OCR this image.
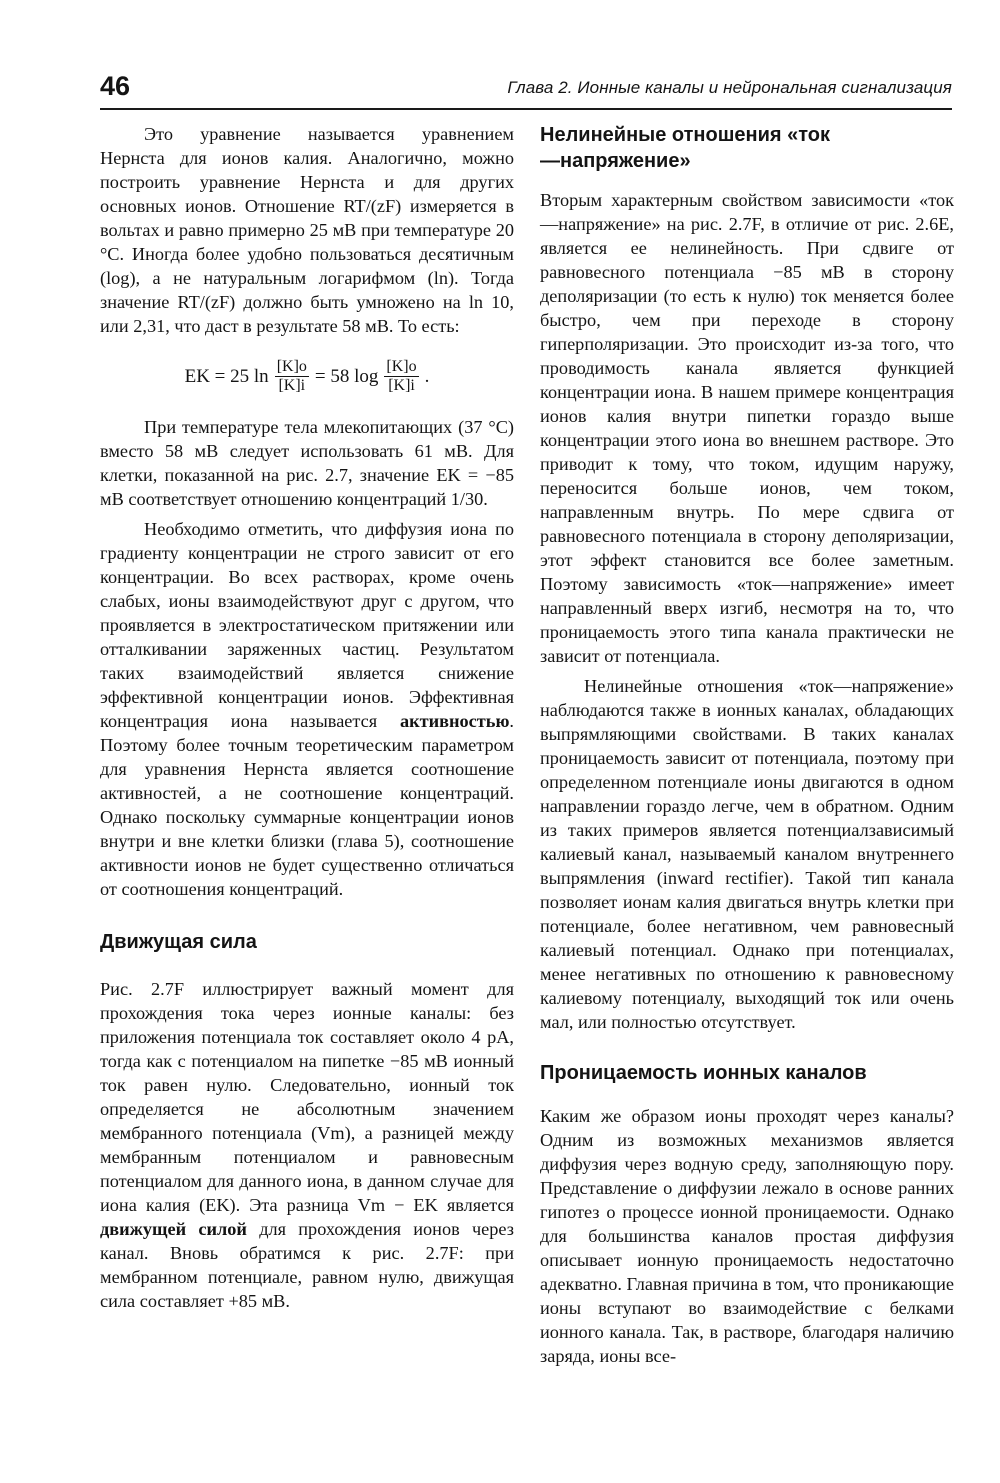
46	Глава 2. Ионные каналы и нейрональная сигнализация

Это уравнение называется уравнением Нернста для ионов калия. Аналогично, можно построить уравнение Нернста и для других основных ионов. Отношение RT/(zF) измеряется в вольтах и равно примерно 25 мВ при температуре 20 °C. Иногда более удобно пользоваться десятичным (log), а не натуральным логарифмом (ln). Тогда значение RT/(zF) должно быть умножено на ln 10, или 2,31, что даст в результате 58 мВ. То есть:

EK = 25 $\ln \frac{[K]o}{[K]i} = 58$ $\log \frac{[K]o}{[K]i}$ .

При температуре тела млекопитающих (37 °C) вместо 58 мВ следует использовать 61 мВ. Для клетки, показанной на рис. 2.7, значение EK = −85 мВ соответствует отношению концентраций 1/30.

Необходимо отметить, что диффузия иона по градиенту концентрации не строго зависит от его концентрации. Во всех растворах, кроме очень слабых, ионы взаимодействуют друг с другом, что проявляется в электростатическом притяжении или отталкивании заряженных частиц. Результатом таких взаимодействий является снижение эффективной концентрации ионов. Эффективная концентрация иона называется активностью. Поэтому более точным теоретическим параметром для уравнения Нернста является соотношение активностей, а не соотношение концентраций. Однако поскольку суммарные концентрации ионов внутри и вне клетки близки (глава 5), соотношение активности ионов не будет существенно отличаться от соотношения концентраций.

Движущая сила

Рис. 2.7F иллюстрирует важный момент для прохождения тока через ионные каналы: без приложения потенциала ток составляет около 4 pA, тогда как с потенциалом на пипетке −85 мВ ионный ток равен нулю. Следовательно, ионный ток определяется не абсолютным значением мембранного потенциала (Vm), а разницей между мембранным потенциалом и равновесным потенциалом для данного иона, в данном случае для иона калия (EK). Эта разница Vm − EK является движущей силой для прохождения ионов через канал. Вновь обратимся к рис. 2.7F: при мембранном потенциале, равном нулю, движущая сила составляет +85 мВ.

Нелинейные отношения «ток—напряжение»

Вторым характерным свойством зависимости «ток—напряжение» на рис. 2.7F, в отличие от рис. 2.6E, является ее нелинейность. При сдвиге от равновесного потенциала −85 мВ в сторону деполяризации (то есть к нулю) ток меняется более быстро, чем при переходе в сторону гиперполяризации. Это происходит из-за того, что проводимость канала является функцией концентрации иона. В нашем примере концентрация ионов калия внутри пипетки гораздо выше концентрации этого иона во внешнем растворе. Это приводит к тому, что током, идущим наружу, переносится больше ионов, чем током, направленным внутрь. По мере сдвига от равновесного потенциала в сторону деполяризации, этот эффект становится все более заметным. Поэтому зависимость «ток—напряжение» имеет направленный вверх изгиб, несмотря на то, что проницаемость этого типа канала практически не зависит от потенциала.

Нелинейные отношения «ток—напряжение» наблюдаются также в ионных каналах, обладающих выпрямляющими свойствами. В таких каналах проницаемость зависит от потенциала, поэтому при определенном потенциале ионы двигаются в одном направлении гораздо легче, чем в обратном. Одним из таких примеров является потенциалзависимый калиевый канал, называемый каналом внутреннего выпрямления (inward rectifier). Такой тип канала позволяет ионам калия двигаться внутрь клетки при потенциале, более негативном, чем равновесный калиевый потенциал. Однако при потенциалах, менее негативных по отношению к равновесному калиевому потенциалу, выходящий ток или очень мал, или полностью отсутствует.

Проницаемость ионных каналов

Каким же образом ионы проходят через каналы? Одним из возможных механизмов является диффузия через водную среду, заполняющую пору. Представление о диффузии лежало в основе ранних гипотез о процессе ионной проницаемости. Однако для большинства каналов простая диффузия описывает ионную проницаемость недостаточно адекватно. Главная причина в том, что проникающие ионы вступают во взаимодействие с белками ионного канала. Так, в растворе, благодаря наличию заряда, ионы все-
